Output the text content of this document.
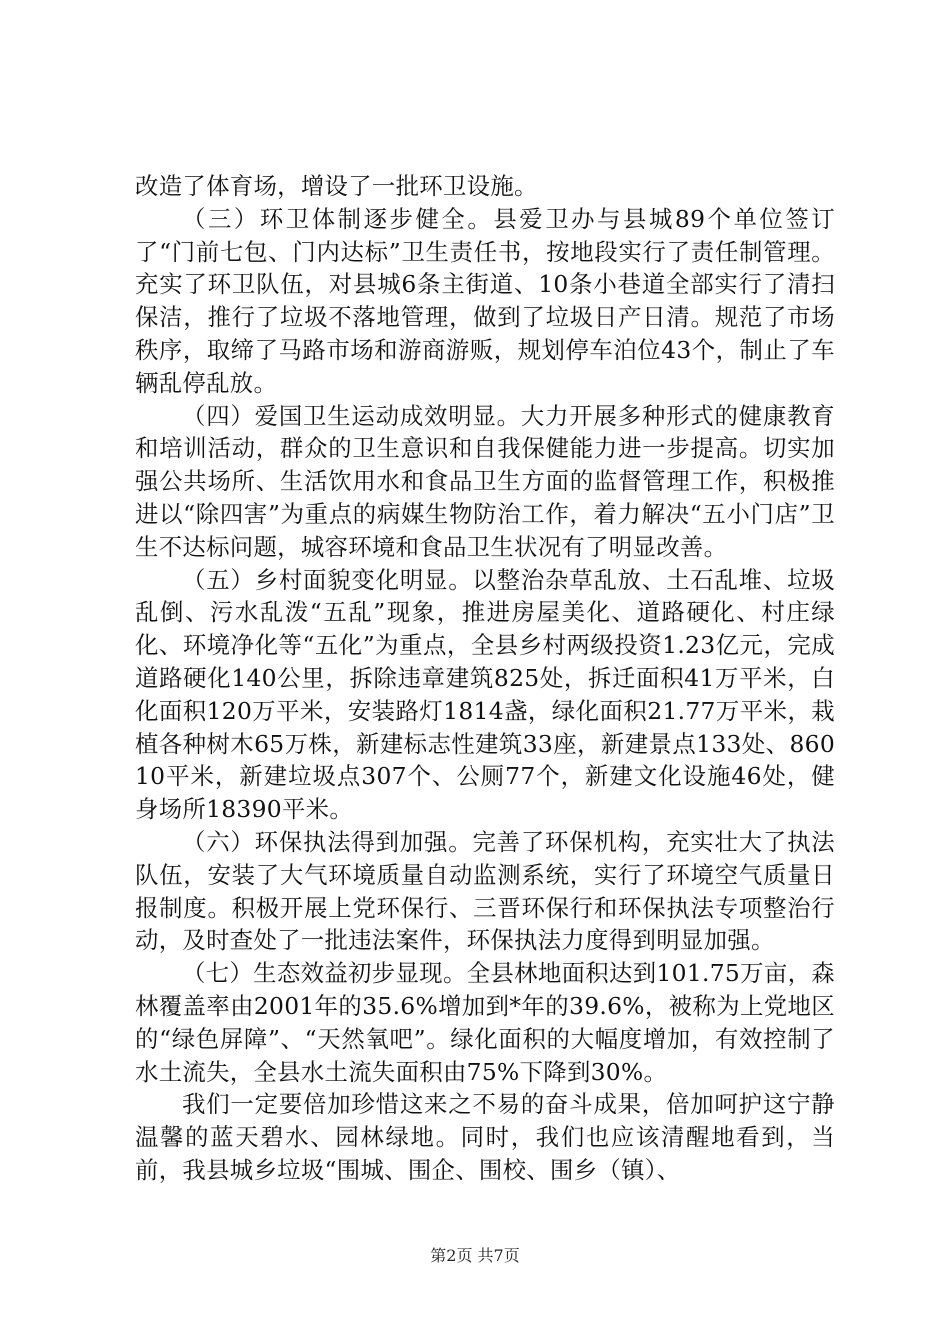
改造了体育场，增设了一批环卫设施。

（三）环卫体制逐步健全。县爱卫办与县城89个单位签订了“门前七包、门内达标”卫生责任书，按地段实行了责任制管理。充实了环卫队伍，对县城6条主街道、10条小巷道全部实行了清扫保洁，推行了垃圾不落地管理，做到了垃圾日产日清。规范了市场秩序，取缔了马路市场和游商游贩，规划停车泊位43个，制止了车辆乱停乱放。

（四）爱国卫生运动成效明显。大力开展多种形式的健康教育和培训活动，群众的卫生意识和自我保健能力进一步提高。切实加强公共场所、生活饮用水和食品卫生方面的监督管理工作，积极推进以“除四害”为重点的病媒生物防治工作，着力解决“五小门店”卫生不达标问题，城容环境和食品卫生状况有了明显改善。

（五）乡村面貌变化明显。以整治杂草乱放、土石乱堆、垃圾乱倒、污水乱泼“五乱”现象，推进房屋美化、道路硬化、村庄绿化、环境净化等“五化”为重点，全县乡村两级投资1.23亿元，完成道路硬化140公里，拆除违章建筑825处，拆迁面积41万平米，白化面积120万平米，安装路灯1814盏，绿化面积21.77万平米，栽植各种树木65万株，新建标志性建筑33座，新建景点133处、86010平米，新建垃圾点307个、公厕77个，新建文化设施46处，健身场所18390平米。

（六）环保执法得到加强。完善了环保机构，充实壮大了执法队伍，安装了大气环境质量自动监测系统，实行了环境空气质量日报制度。积极开展上党环保行、三晋环保行和环保执法专项整治行动，及时查处了一批违法案件，环保执法力度得到明显加强。

（七）生态效益初步显现。全县林地面积达到101.75万亩，森林覆盖率由2001年的35.6%增加到*年的39.6%，被称为上党地区的“绿色屏障”、“天然氧吧”。绿化面积的大幅度增加，有效控制了水土流失，全县水土流失面积由75%下降到30%。

我们一定要倍加珍惜这来之不易的奋斗成果，倍加呵护这宁静温馨的蓝天碧水、园林绿地。同时，我们也应该清醒地看到，当前，我县城乡垃圾“围城、围企、围校、围乡（镇）、

第2页 共7页
